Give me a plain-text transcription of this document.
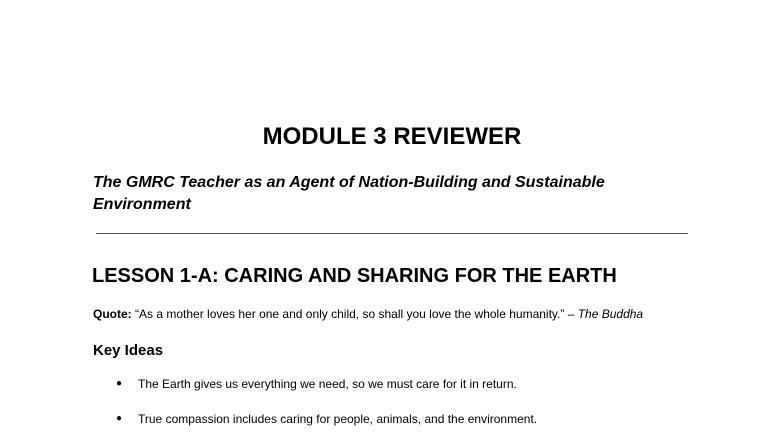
MODULE 3 REVIEWER

The GMRC Teacher as an Agent of Nation-Building and Sustainable Environment

LESSON 1-A: CARING AND SHARING FOR THE EARTH

Quote: “As a mother loves her one and only child, so shall you love the whole humanity.” – The Buddha

Key Ideas
● The Earth gives us everything we need, so we must care for it in return.
● True compassion includes caring for people, animals, and the environment.
